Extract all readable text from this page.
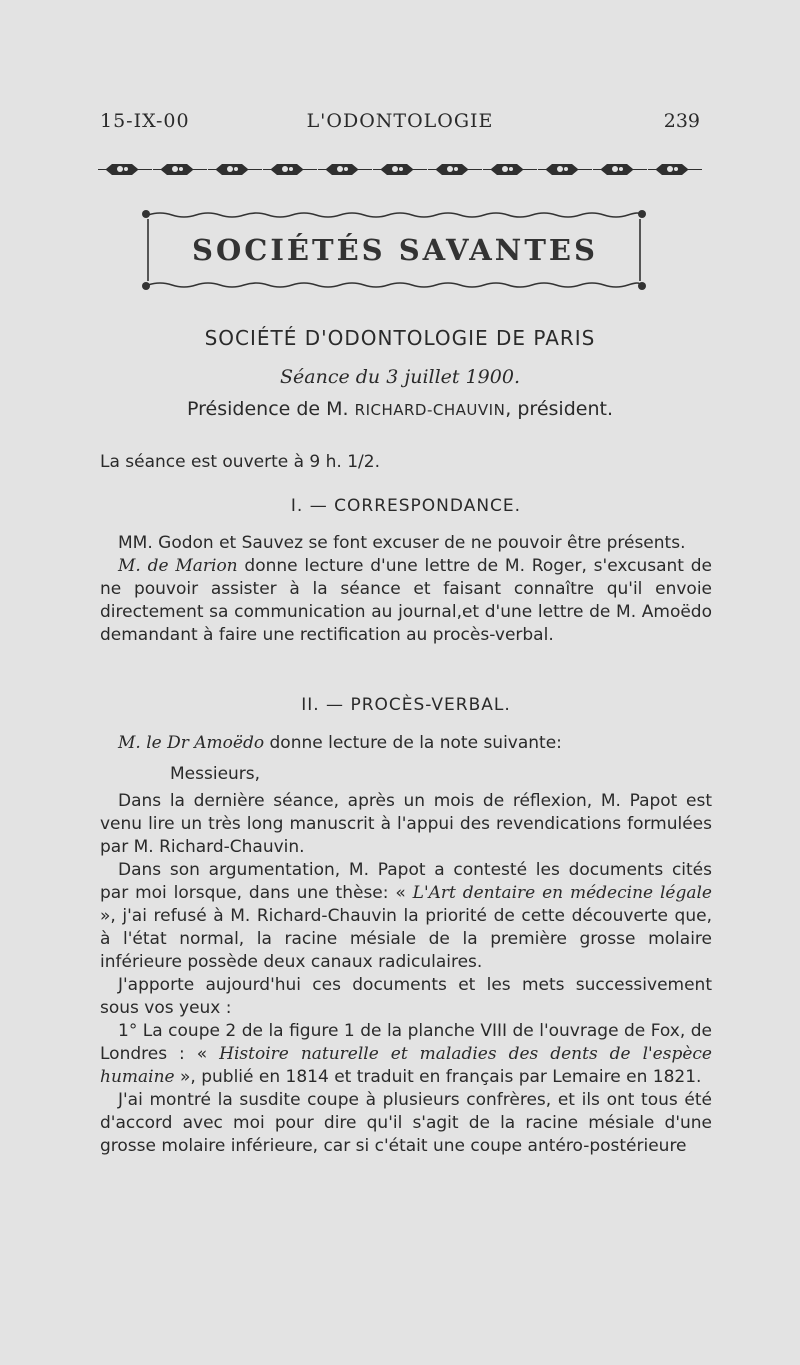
15-IX-00	L'ODONTOLOGIE	239
SOCIÉTÉS SAVANTES
SOCIÉTÉ D'ODONTOLOGIE DE PARIS
Séance du 3 juillet 1900.
Présidence de M. RICHARD-CHAUVIN, président.

La séance est ouverte à 9 h. 1/2.

I. — CORRESPONDANCE.

MM. Godon et Sauvez se font excuser de ne pouvoir être présents.

M. de Marion donne lecture d'une lettre de M. Roger, s'excusant de ne pouvoir assister à la séance et faisant connaître qu'il envoie directement sa communication au journal,et d'une lettre de M. Amoëdo demandant à faire une rectification au procès-verbal.

II. — PROCÈS-VERBAL.

M. le Dr Amoëdo donne lecture de la note suivante:

Messieurs,

Dans la dernière séance, après un mois de réflexion, M. Papot est venu lire un très long manuscrit à l'appui des revendications formulées par M. Richard-Chauvin.

Dans son argumentation, M. Papot a contesté les documents cités par moi lorsque, dans une thèse: « L'Art dentaire en médecine légale », j'ai refusé à M. Richard-Chauvin la priorité de cette découverte que, à l'état normal, la racine mésiale de la première grosse molaire inférieure possède deux canaux radiculaires.

J'apporte aujourd'hui ces documents et les mets successivement sous vos yeux :

1° La coupe 2 de la figure 1 de la planche VIII de l'ouvrage de Fox, de Londres : « Histoire naturelle et maladies des dents de l'espèce humaine », publié en 1814 et traduit en français par Lemaire en 1821.

J'ai montré la susdite coupe à plusieurs confrères, et ils ont tous été d'accord avec moi pour dire qu'il s'agit de la racine mésiale d'une grosse molaire inférieure, car si c'était une coupe antéro-postérieure
